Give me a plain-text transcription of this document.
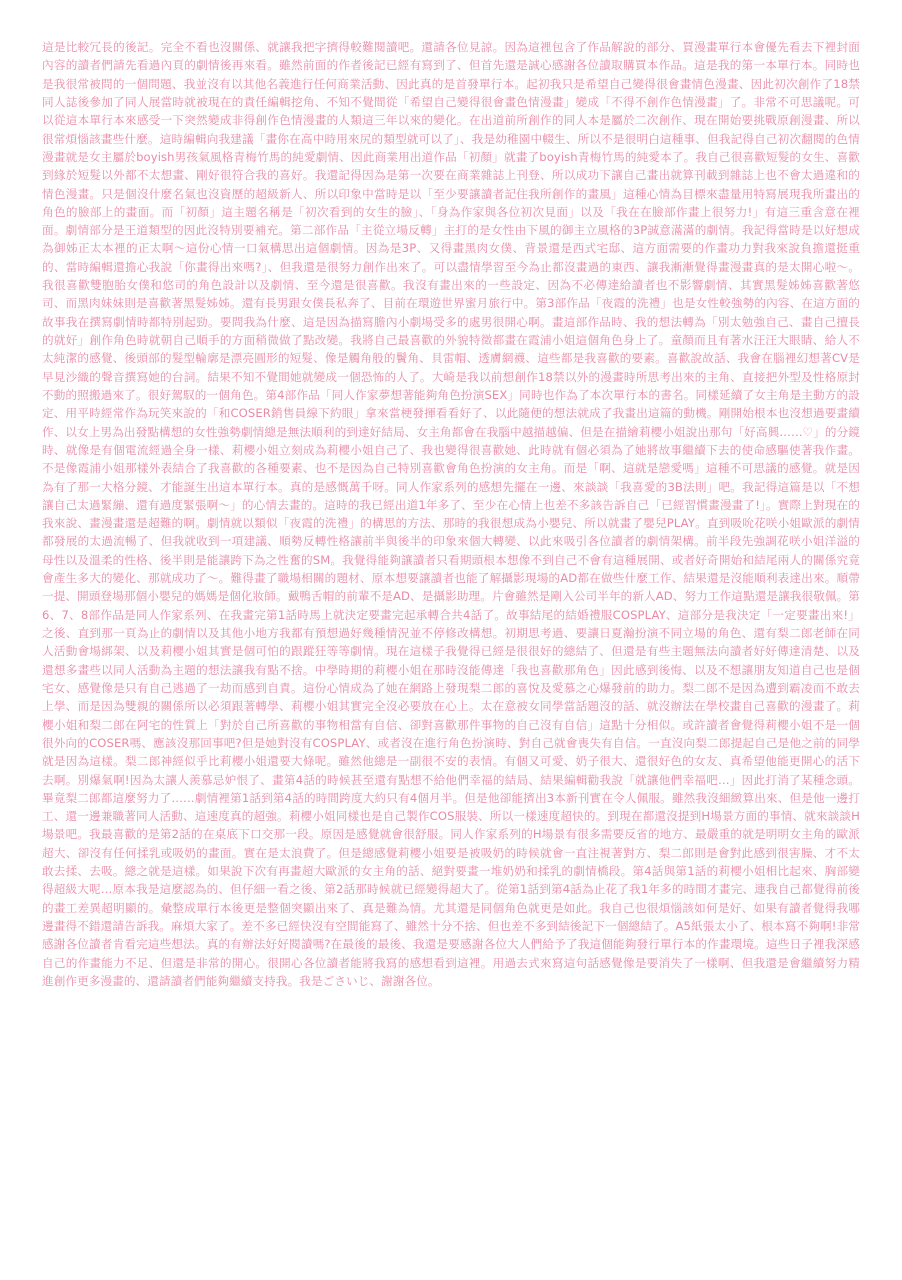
這是比較冗長的後記。完全不看也沒關係、就讓我把字擠得較難閱讀吧。還請各位見諒。因為這裡包含了作品解說的部分、買漫畫單行本會優先看去下裡封面內容的讀者們請先看過內頁的劇情後再來看。雖然前面的作者後記已經有寫到了、但首先還是誠心感謝各位讀取購買本作品。這是我的第一本單行本。同時也是我很常被問的一個問題、我並沒有以其他名義進行任何商業活動、因此真的是首發單行本。起初我只是希望自己變得很會畫情色漫畫、因此初次創作了18禁同人誌後參加了同人展當時就被現在的責任編輯挖角、不知不覺間從「希望自己變得很會畫色情漫畫」變成「不得不創作色情漫畫」了。非常不可思議呢。可以從這本單行本來感受一下突然變成非得創作色情漫畫的人類這三年以來的變化。在出道前所創作的同人本是屬於二次創作、現在開始要挑戰原創漫畫、所以很常煩惱該畫些什麼。這時編輯向我建議「畫你在高中時用來尻的類型就可以了」、我是幼稚園中輟生、所以不是很明白這種事、但我記得自己初次翻閱的色情漫畫就是女主屬於boyish男孩氣風格青梅竹馬的純愛劇情、因此商業用出道作品「初顏」就畫了boyish青梅竹馬的純愛本了。我自己很喜歡短髮的女生、喜歡到緣於短髮以外都不太想畫、剛好很符合我的喜好。我還記得因為是第一次要在商業雜誌上刊登、所以成功下讓自己畫出就算刊載到雜誌上也不會太過違和的情色漫畫。只是個沒什麼名氣也沒資歷的超級新人、所以印象中當時是以「至少要讓讀者記住我所創作的畫風」這種心情為目標來盡量用特寫展現我所畫出的角色的臉部上的畫面。而「初顏」這主題名稱是「初次看到的女生的臉」、「身為作家與各位初次見面」以及「我在在臉部作畫上很努力!」有這三重含意在裡面。劇情部分是王道類型的因此沒特別要補充。第二部作品「主從立場反轉」主打的是女性由下風的御主立風格的3P誠意滿滿的劇情。我記得當時是以好想成為御姊正太本裡的正太啊～這份心情一口氣構思出這個劇情。因為是3P、又得畫黑肉女僕、背景還是西式宅邸、這方面需要的作畫功力對我來說負擔還挺重的、當時編輯還擔心我說「你畫得出來嗎?」、但我還是很努力創作出來了。可以盡情學習至今為止都沒畫過的東西、讓我漸漸覺得畫漫畫真的是太開心啦～。我很喜歡雙胞胎女僕和悠司的角色設計以及劇情、至今還是很喜歡。我沒有畫出來的一些設定、因為不必傳達給讀者也不影響劇情、其實黑髮姊姊喜歡著悠司、而黑肉妹妹則是喜歡著黑髮姊姊。還有長男跟女僕長私奔了、目前在環遊世界蜜月旅行中。第3部作品「夜霞的洗禮」也是女性較強勢的內容、在這方面的故事我在撰寫劇情時都特別起勁。要問我為什麼、這是因為描寫膽內小劇場受多的處男很開心啊。畫這部作品時、我的想法轉為「別太勉強自己、畫自己擅長的就好」創作角色時就朝自己順手的方面稍微做了點改變。我將自己最喜歡的外貌特徵都畫在霞浦小姐這個角色身上了。童顏而且有著水汪汪大眼睛、給人不太純潔的感覺、後頭部的髮型輪廓是漂亮圓形的短髮、像是觸角般的鬢角、貝雷帽、透膚網襪、這些都是我喜歡的要素。喜歡說故話、我會在腦裡幻想著CV是早見沙織的聲音撰寫她的台詞。結果不知不覺間她就變成一個恐怖的人了。大崎是我以前想創作18禁以外的漫畫時所思考出來的主角、直接把外型及性格原封不動的照搬過來了。很好駕馭的一個角色。第4部作品「同人作家夢想著能夠角色扮演SEX」同時也作為了本次單行本的書名。同樣延續了女主角是主動方的設定、用平時經常作為玩笑來說的「和COSER銷售員線下約眼」拿來當梗發揮看看好了、以此隨便的想法就成了我畫出這篇的動機。剛開始根本也沒想過要畫續作、以女上男為出發點構想的女性強勢劇情總是無法順利的到達好結局、女主角都會在我腦中越描越偏、但是在描繪莉櫻小姐說出那句「好高興……♡」的分鏡時、就像是有個電流經過全身一樣、莉櫻小姐立刻成為莉櫻小姐自己了、我也變得很喜歡她、此時就有個必須為了她將故事繼續下去的使命感驅使著我作畫。不是像霞浦小姐那樣外表結合了我喜歡的各種要素、也不是因為自己特別喜歡會角色扮演的女主角。而是「啊、這就是戀愛嗎」這種不可思議的感覺。就是因為有了那一大格分鏡、才能誕生出這本單行本。真的是感慨萬千呀。同人作家系列的感想先擺在一邊、來談談「我喜愛的3B法則」吧。我記得這篇是以「不想讓自己太過緊繃、還有過度緊張啊～」的心情去畫的。這時的我已經出道1年多了、至少在心情上也差不多該告訴自己「已經習慣畫漫畫了!」。實際上對現在的我來說、畫漫畫還是超難的啊。劇情就以類似「夜霞的洗禮」的構思的方法、那時的我很想成為小嬰兒、所以就畫了嬰兒PLAY。直到吸吮花咲小姐歐派的劇情都發展的太過流暢了、但我就收到一項建議、順勢反轉性格讓前半與後半的印象來個大轉變、以此來吸引各位讀者的劇情架構。前半段先強調花咲小姐洋溢的母性以及溫柔的性格、後半則是能讓跨下為之性奮的SM。我覺得能夠讓讀者只看期頭根本想像不到自己不會有這種展開、或者好奇開始和結尾兩人的關係究竟會產生多大的變化、那就成功了～。難得畫了職場相關的題材、原本想要讓讀者也能了解攝影現場的AD都在做些什麼工作、結果還是沒能順利表達出來。順帶一提、開頭登場那個小嬰兒的媽媽是個化妝師。戴鴨舌帽的前輩不是AD、是攝影助理。片會雖然是剛入公司半年的新人AD、努力工作這點還是讓我很敬佩。第6、7、8部作品是同人作家系列、在我畫完第1話時馬上就決定要畫完起承轉合共4話了。故事結尾的結婚禮服COSPLAY、這部分是我決定「一定要畫出來!」之後、直到那一頁為止的劇情以及其他小地方我都有預想過好幾種情況並不停修改構想。初期思考過、要讓日夏瀚扮演不同立場的角色、還有梨二郎老師在同人活動會場綁架、以及莉櫻小姐其實是個可怕的跟蹤狂等等劇情。現在這樣子我覺得已經是很很好的總結了、但還是有些主題無法向讀者好好傳達清楚、以及還想多畫些以同人活動為主題的想法讓我有點不捨。中學時期的莉櫻小姐在那時沒能傳達「我也喜歡那角色」因此感到後悔、以及不想讓朋友知道自己也是個宅女、感覺像是只有自己逃過了一劫而感到自責。這份心情成為了她在網路上發現梨二郎的喜悅及愛慕之心爆發前的助力。梨二郎不是因為遭到霸凌而不敢去上學、而是因為雙親的關係所以必須跟著轉學、莉櫻小姐其實完全沒必要放在心上。太在意被女同學當話題沒的話、就沒辦法在學校畫自己喜歡的漫畫了。莉櫻小姐和梨二郎在阿宅的性質上「對於自己所喜歡的事物相當有自信、卻對喜歡那件事物的自己沒有自信」這點十分相似。或許讀者會覺得莉櫻小姐不是一個很外向的COSER嗎、應該沒那回事吧?但是她對沒有COSPLAY、或者沒在進行角色扮演時、對自己就會喪失有自信。一直沒向梨二郎提起自己是他之前的同學就是因為這樣。梨二郎神經似乎比莉櫻小姐還要大條呢。雖然他總是一副很不安的表情。有個又可愛、奶子很大、還很好色的女友、真希望他能更開心的活下去啊。別爆氣啊!因為太讓人羨慕忌妒恨了、畫第4話的時候甚至還有點想不給他們幸福的結局、結果編輯勸我說「就讓他們幸福吧…」因此打消了某種念頭。畢竟梨二郎都這麼努力了……劇情裡第1話到第4話的時間跨度大約只有4個月半。但是他卻能擠出3本新刊實在令人佩服。雖然我沒細緻算出來、但是他一邊打工、還一邊兼職著同人活動、這速度真的超強。莉櫻小姐同樣也是自己製作COS服裝、所以一樣速度超快的。到現在都還沒提到H場景方面的事情、就來談談H場景吧。我最喜歡的是第2話的在桌底下口交那一段。原因是感覺就會很舒服。同人作家系列的H場景有很多需要反省的地方、最嚴重的就是明明女主角的歐派超大、卻沒有任何揉乳或吸奶的畫面。實在是太浪費了。但是總感覺莉櫻小姐要是被吸奶的時候就會一直注視著對方、梨二郎則是會對此感到很害臊、才不太敢去揉、去吸。總之就是這樣。如果說下次有再畫超大歐派的女主角的話、絕對要畫一堆奶奶和揉乳的劇情橋段。第4話與第1話的莉櫻小姐相比起來、胸部變得超級大呢…原本我是這麼認為的、但仔細一看之後、第2話那時候就已經變得超大了。從第1話到第4話為止花了我1年多的時間才畫完、連我自己都覺得前後的畫工差異超明顯的。彙整成單行本後更是整個突顯出來了、真是難為情。尤其還是同個角色就更是如此。我自己也很煩惱該如何是好、如果有讀者覺得我哪邊畫得不錯還請告訴我。麻煩大家了。差不多已經快沒有空間能寫了、雖然十分不捨、但也差不多到結後記下一個總結了。A5紙張太小了、根本寫不夠啊!非常感謝各位讀者肯看完這些想法。真的有辦法好好閱讀嗎?在最後的最後、我還是要感謝各位大人們給予了我這個能夠發行單行本的作畫環境。這些日子裡我深感自己的作畫能力不足、但還是非常的開心。很開心各位讀者能將我寫的感想看到這裡。用過去式來寫這句話感覺像是要消失了一樣啊、但我還是會繼續努力精進創作更多漫畫的、還請讀者們能夠繼續支持我。我是ごさいじ、謝謝各位。
